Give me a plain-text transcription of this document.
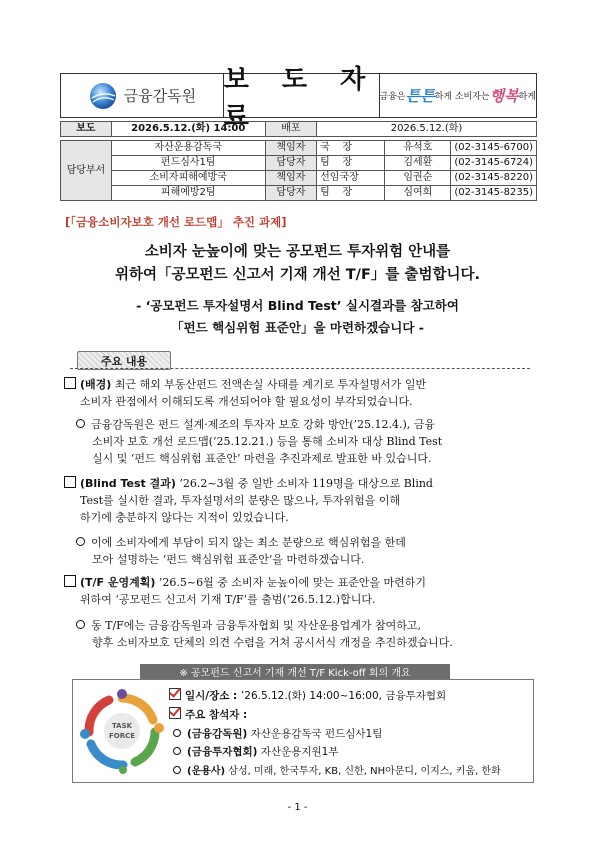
금융감독원
보 도 자 료
금융은 튼튼 하게 소비자는 행복 하게
보도	2026.5.12.(화) 14:00	배포	2026.5.12.(화)		

담당부서	자산운용감독국	책임자	국    장	유석호	(02-3145-6700)
	펀드심사1팀	담당자	팀    장	김세환	(02-3145-6724)
	소비자피해예방국	책임자	선임국장	임권순	(02-3145-8220)
	피해예방2팀	담당자	팀    장	심여희	(02-3145-8235)
[「금융소비자보호 개선 로드맵」 추진 과제]
소비자 눈높이에 맞는 공모펀드 투자위험 안내를
위하여「공모펀드 신고서 기재 개선 T/F」를 출범합니다.
- ‘공모펀드 투자설명서 Blind Test’ 실시결과를 참고하여
「펀드 핵심위험 표준안」을 마련하겠습니다 -
주요 내용
(배경) 최근 해외 부동산펀드 전액손실 사태를 계기로 투자설명서가 일반
소비자 관점에서 이해되도록 개선되어야 할 필요성이 부각되었습니다.
금융감독원은 펀드 설계·제조의 투자자 보호 강화 방안(’25.12.4.), 금융
소비자 보호 개선 로드맵(’25.12.21.) 등을 통해 소비자 대상 Blind Test
실시 및 ‘펀드 핵심위험 표준안’ 마련을 추진과제로 발표한 바 있습니다.
(Blind Test 결과) ’26.2~3월 중 일반 소비자 119명을 대상으로 Blind
Test를 실시한 결과, 투자설명서의 분량은 많으나, 투자위험을 이해
하기에 충분하지 않다는 지적이 있었습니다.
이에 소비자에게 부담이 되지 않는 최소 분량으로 핵심위험을 한데
모아 설명하는 ‘펀드 핵심위험 표준안’을 마련하겠습니다.
(T/F 운영계획) ’26.5~6월 중 소비자 눈높이에 맞는 표준안을 마련하기
위하여 ‘공모펀드 신고서 기재 T/F’를 출범(’26.5.12.)합니다.
동 T/F에는 금융감독원과 금융투자협회 및 자산운용업계가 참여하고,
향후 소비자보호 단체의 의견 수렴을 거쳐 공시서식 개정을 추진하겠습니다.
※ 공모펀드 신고서 기재 개선 T/F Kick-off 회의 개요
TASK
FORCE
일시/장소 : ’26.5.12.(화) 14:00~16:00, 금융투자협회
주요 참석자 :
(금융감독원) 자산운용감독국 펀드심사1팀
(금융투자협회) 자산운용지원1부
(운용사) 삼성, 미래, 한국투자, KB, 신한, NH아문디, 이지스, 키움, 한화
- 1 -
